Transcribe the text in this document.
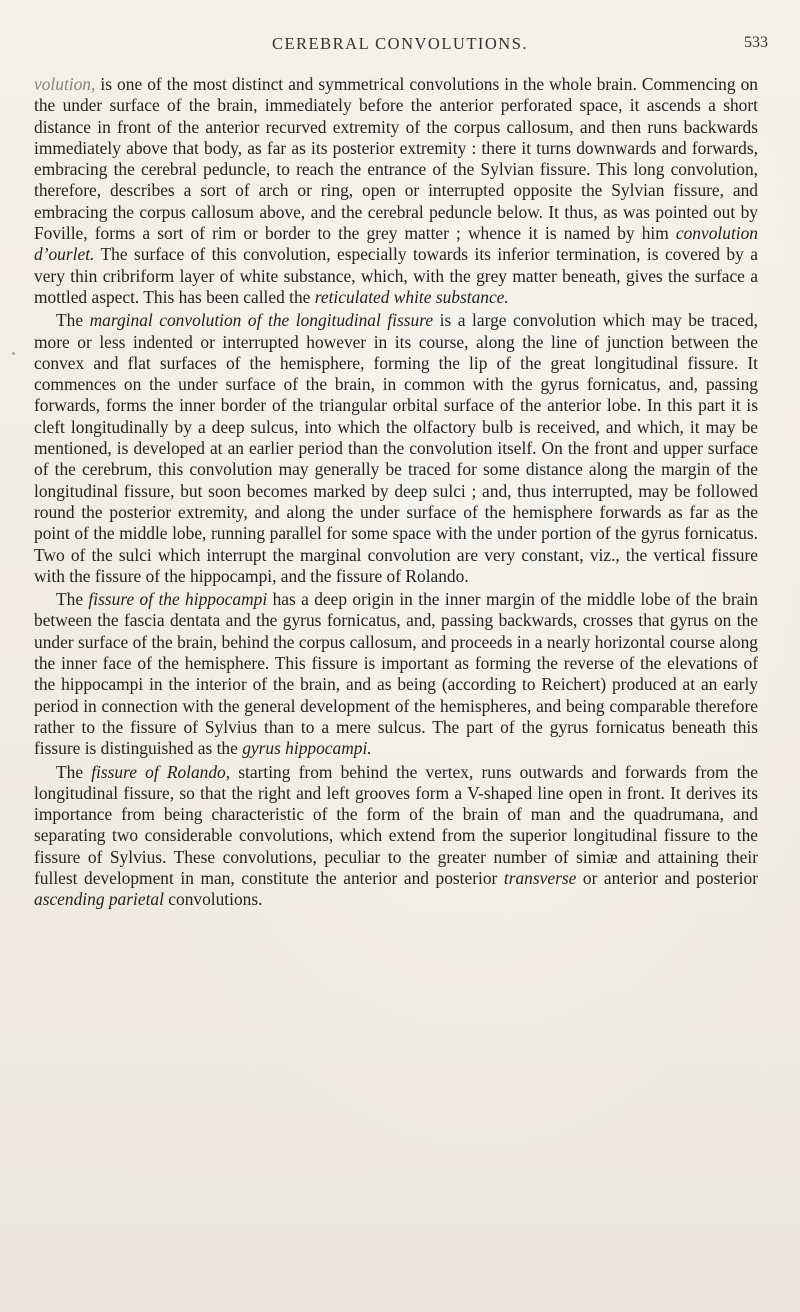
CEREBRAL CONVOLUTIONS.	533

volution, is one of the most distinct and symmetrical convolutions in the whole brain. Commencing on the under surface of the brain, immediately before the anterior perforated space, it ascends a short distance in front of the anterior recurved extremity of the corpus callosum, and then runs backwards immediately above that body, as far as its posterior extremity : there it turns downwards and forwards, embracing the cerebral peduncle, to reach the entrance of the Sylvian fissure. This long convolution, therefore, describes a sort of arch or ring, open or interrupted opposite the Sylvian fissure, and embracing the corpus callosum above, and the cerebral peduncle below. It thus, as was pointed out by Foville, forms a sort of rim or border to the grey matter ; whence it is named by him convolution d’ourlet. The surface of this convolution, especially towards its inferior termination, is covered by a very thin cribriform layer of white substance, which, with the grey matter beneath, gives the surface a mottled aspect. This has been called the reticulated white substance.

The marginal convolution of the longitudinal fissure is a large convolution which may be traced, more or less indented or interrupted however in its course, along the line of junction between the convex and flat surfaces of the hemisphere, forming the lip of the great longitudinal fissure. It commences on the under surface of the brain, in common with the gyrus fornicatus, and, passing forwards, forms the inner border of the triangular orbital surface of the anterior lobe. In this part it is cleft longitudinally by a deep sulcus, into which the olfactory bulb is received, and which, it may be mentioned, is developed at an earlier period than the convolution itself. On the front and upper surface of the cerebrum, this convolution may generally be traced for some distance along the margin of the longitudinal fissure, but soon becomes marked by deep sulci ; and, thus interrupted, may be followed round the posterior extremity, and along the under surface of the hemisphere forwards as far as the point of the middle lobe, running parallel for some space with the under portion of the gyrus fornicatus. Two of the sulci which interrupt the marginal convolution are very constant, viz., the vertical fissure with the fissure of the hippocampi, and the fissure of Rolando.

The fissure of the hippocampi has a deep origin in the inner margin of the middle lobe of the brain between the fascia dentata and the gyrus fornicatus, and, passing backwards, crosses that gyrus on the under surface of the brain, behind the corpus callosum, and proceeds in a nearly horizontal course along the inner face of the hemisphere. This fissure is important as forming the reverse of the elevations of the hippocampi in the interior of the brain, and as being (according to Reichert) produced at an early period in connection with the general development of the hemispheres, and being comparable therefore rather to the fissure of Sylvius than to a mere sulcus. The part of the gyrus fornicatus beneath this fissure is distinguished as the gyrus hippocampi.

The fissure of Rolando, starting from behind the vertex, runs outwards and forwards from the longitudinal fissure, so that the right and left grooves form a V-shaped line open in front. It derives its importance from being characteristic of the form of the brain of man and the quadrumana, and separating two considerable convolutions, which extend from the superior longitudinal fissure to the fissure of Sylvius. These convolutions, peculiar to the greater number of simiæ and attaining their fullest development in man, constitute the anterior and posterior transverse or anterior and posterior ascending parietal convolutions.
